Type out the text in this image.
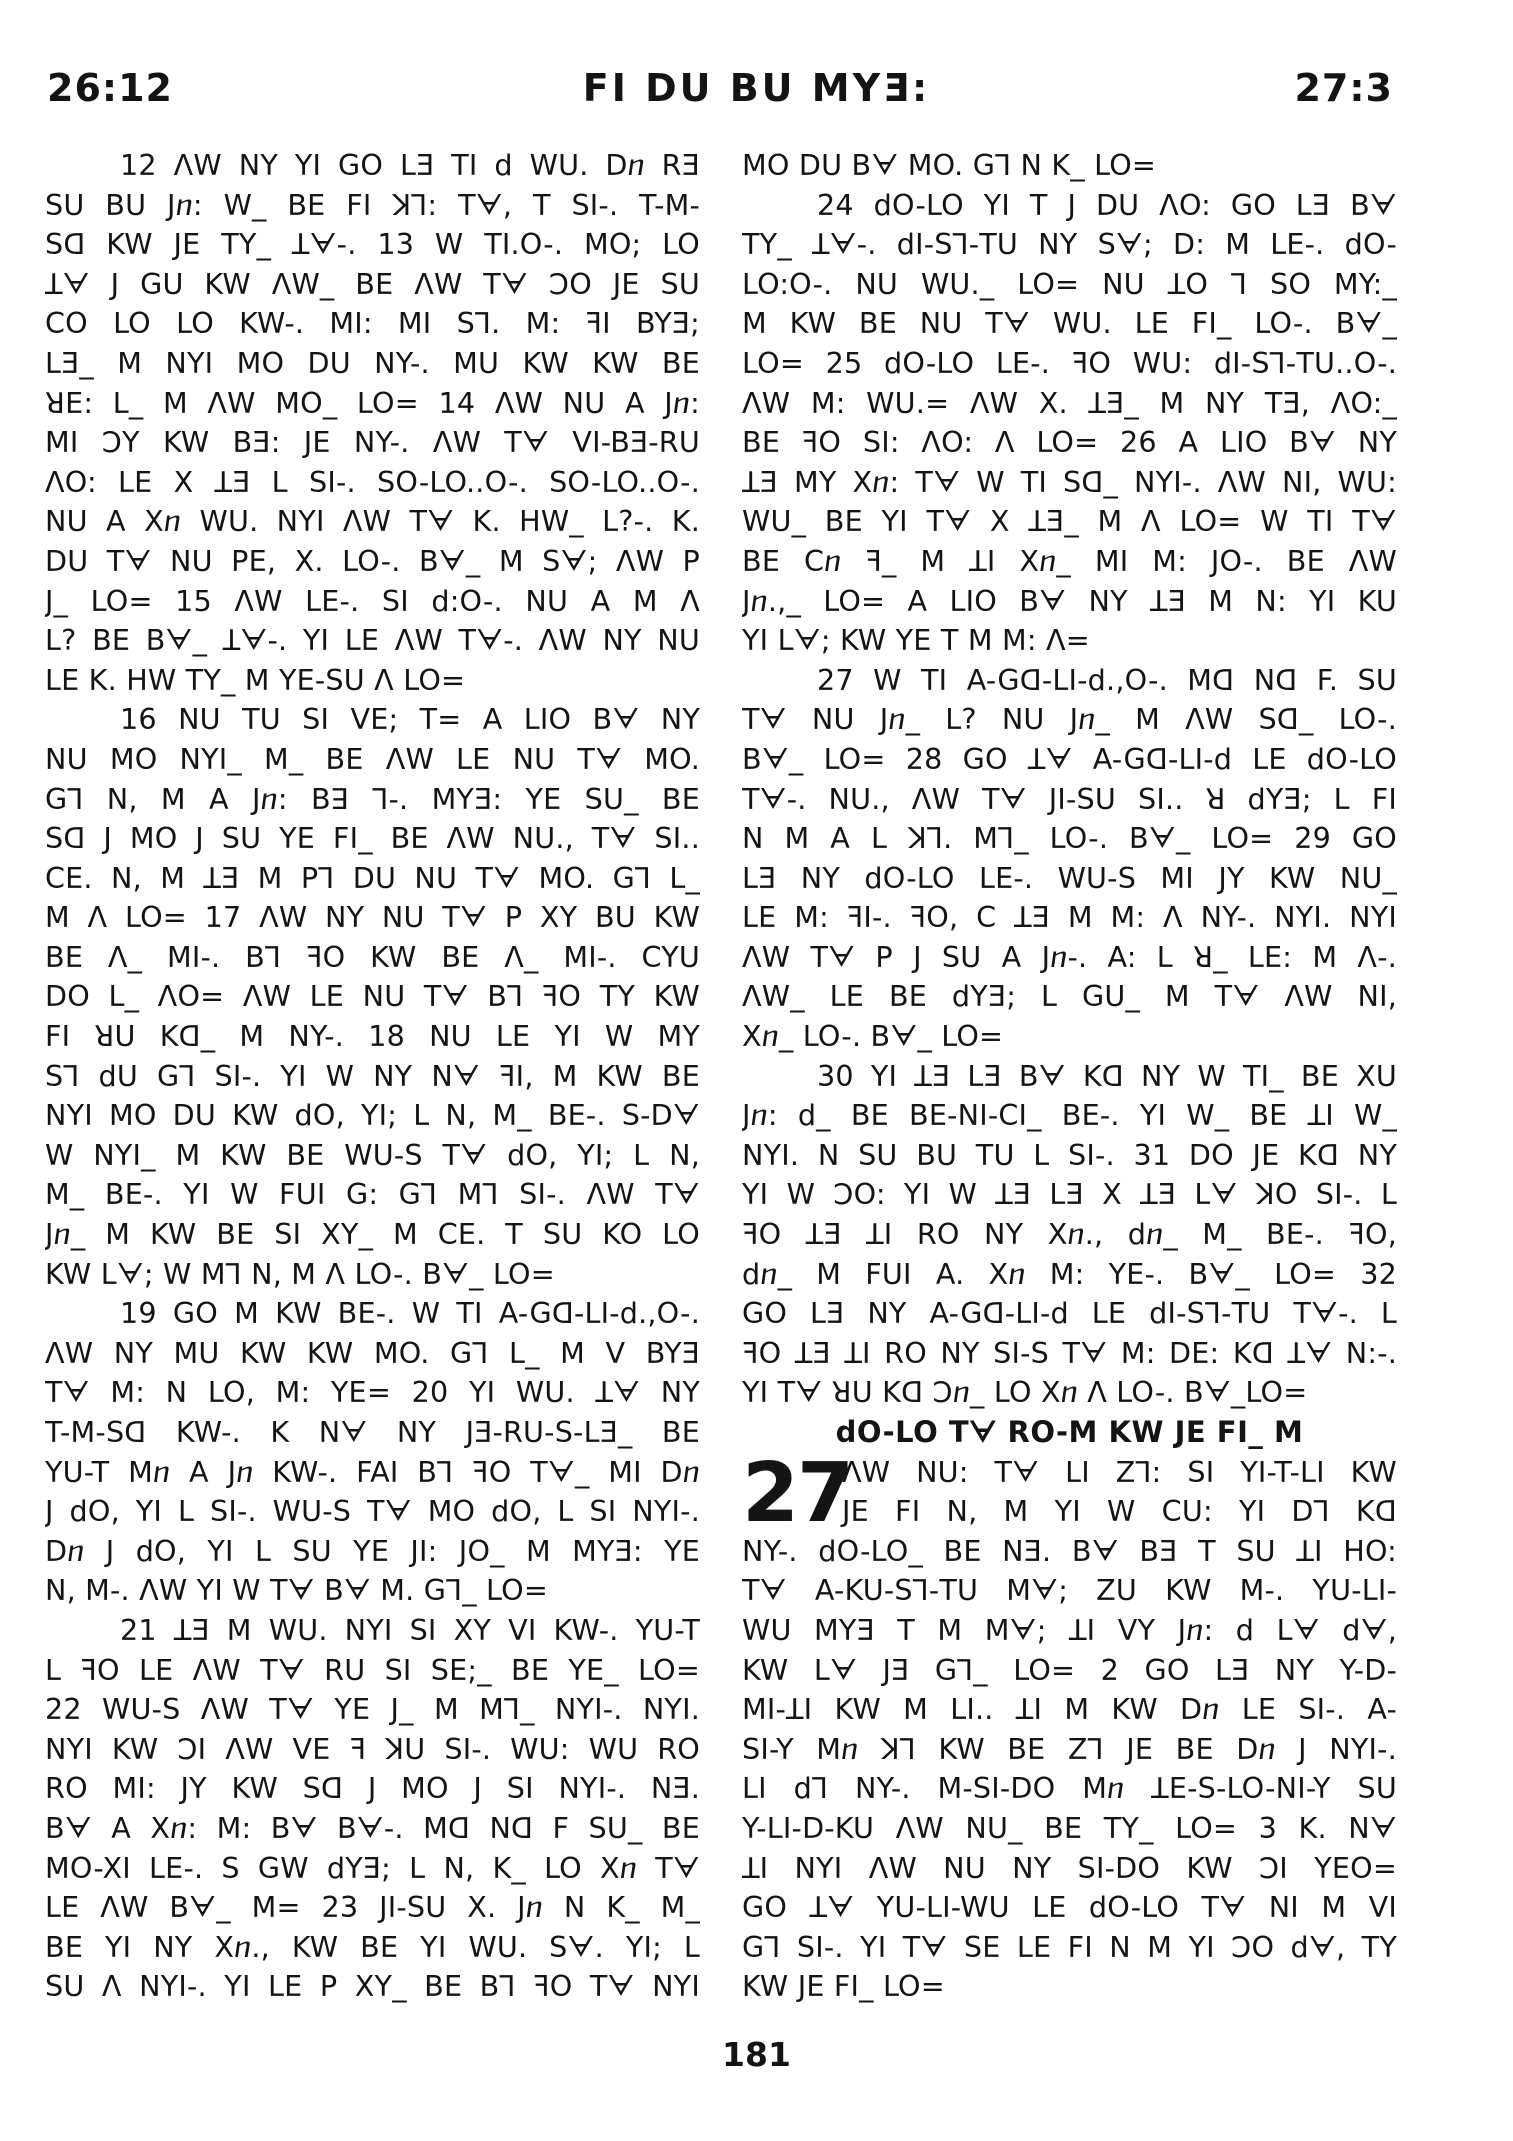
26:12	FI DU BU MYƎ:	27:3
12 ᐱW NY YI GO LƎ TI d WU. Dⴖ RƎ
SU BU Jⴖ: W_ BE FI ꓘꓶ: Tᗄ, T SI-. T-M-
Sꓷ KW JE TY_ ꓕᗄ-. 13 W TI.O-. MO; LO
ꓕᗄ J GU KW ᐱW_ BE ᐱW Tᗄ ꓛO JE SU
CO LO LO KW-. MI: MI Sꓶ. M: ꟻI BYƎ;
LƎ_ M NYI MO DU NY-. MU KW KW BE
ꓤE: L_ M ᐱW MO_ LO= 14 ᐱW NU A Jⴖ:
MI ꓛY KW BƎ: JE NY-. ᐱW Tᗄ VI-BƎ-RU
ᐱO: LE X ꓕƎ L SI-. SO-LO..O-. SO-LO..O-.
NU A Xⴖ WU. NYI ᐱW Tᗄ K. HW_ L?-. K.
DU Tᗄ NU PE, X. LO-. Bᗄ_ M Sᗄ; ᐱW P
J_ LO= 15 ᐱW LE-. SI d:O-. NU A M ᐱ
L? BE Bᗄ_ ꓕᗄ-. YI LE ᐱW Tᗄ-. ᐱW NY NU
LE K. HW TY_ M YE-SU ᐱ LO=
16 NU TU SI VE; T= A LIO Bᗄ NY
NU MO NYI_ M_ BE ᐱW LE NU Tᗄ MO.
Gꓶ N, M A Jⴖ: Bꓱ ꓶ-. MYƎ: YE SU_ BE
Sꓷ J MO J SU YE FI_ BE ᐱW NU., Tᗄ SI..
CE. N, M ꓕƎ M Pꓶ DU NU Tᗄ MO. Gꓶ L_
M ᐱ LO= 17 ᐱW NY NU Tᗄ P XY BU KW
BE ᐱ_ MI-. Bꓶ ꟻO KW BE ᐱ_ MI-. CYU
DO L_ ᐱO= ᐱW LE NU Tᗄ Bꓶ ꟻO TY KW
FI ꓤU Kꓷ_ M NY-. 18 NU LE YI W MY
Sꓶ dU Gꓶ SI-. YI W NY Nᗄ ꟻI, M KW BE
NYI MO DU KW dO, YI; L N, M_ BE-. S-Dᗄ
W NYI_ M KW BE WU-S Tᗄ dO, YI; L N,
M_ BE-. YI W FUI G: Gꓶ Mꓶ SI-. ᐱW Tᗄ
Jⴖ_ M KW BE SI XY_ M CE. T SU KO LO
KW Lᗄ; W Mꓶ N, M ᐱ LO-. Bᗄ_ LO=
19 GO M KW BE-. W TI A-Gꓷ-LI-d.,O-.
ᐱW NY MU KW KW MO. Gꓶ L_ M V BYƎ
Tᗄ M: N LO, M: YE= 20 YI WU. ꓕᗄ NY
T-M-Sꓷ KW-. K Nᗄ NY JƎ-RU-S-LƎ_ BE
YU-T Mⴖ A Jⴖ KW-. FAI Bꓶ ꟻO Tᗄ_ MI Dⴖ
J dO, YI L SI-. WU-S Tᗄ MO dO, L SI NYI-.
Dⴖ J dO, YI L SU YE JI: JO_ M MYƎ: YE
N, M-. ᐱW YI W Tᗄ Bᗄ M. Gꓶ_ LO=
21 ꓕƎ M WU. NYI SI XY VI KW-. YU-T
L ꟻO LE ᐱW Tᗄ RU SI SE;_ BE YE_ LO=
22 WU-S ᐱW Tᗄ YE J_ M Mꓶ_ NYI-. NYI.
NYI KW ꓛI ᐱW VE ꟻ ꓘU SI-. WU: WU RO
RO MI: JY KW Sꓷ J MO J SI NYI-. NƎ.
Bᗄ A Xⴖ: M: Bᗄ Bᗄ-. Mꓷ Nꓷ F SU_ BE
MO-XI LE-. S GW dYƎ; L N, K_ LO Xⴖ Tᗄ
LE ᐱW Bᗄ_ M= 23 JI-SU X. Jⴖ N K_ M_
BE YI NY Xⴖ., KW BE YI WU. Sᗄ. YI; L
SU ᐱ NYI-. YI LE P XY_ BE Bꓶ ꟻO Tᗄ NYI
MO DU Bᗄ MO. Gꓶ N K_ LO=
24 dO-LO YI T J DU ᐱO: GO LƎ Bᗄ
TY_ ꓕᗄ-. dI-Sꓶ-TU NY Sᗄ; D: M LE-. dO-
LO:O-. NU WU._ LO= NU ꓕO ꓶ SO MY:_
M KW BE NU Tᗄ WU. LE FI_ LO-. Bᗄ_
LO= 25 dO-LO LE-. ꟻO WU: dI-Sꓶ-TU..O-.
ᐱW M: WU.= ᐱW X. ꓕƎ_ M NY TƎ, ᐱO:_
BE ꟻO SI: ᐱO: ᐱ LO= 26 A LIO Bᗄ NY
ꓕƎ MY Xⴖ: Tᗄ W TI Sꓷ_ NYI-. ᐱW NI, WU:
WU_ BE YI Tᗄ X ꓕƎ_ M ᐱ LO= W TI Tᗄ
BE Cⴖ ꟻ_ M ꓕI Xⴖ_ MI M: JO-. BE ᐱW
Jⴖ.,_ LO= A LIO Bᗄ NY ꓕƎ M N: YI KU
YI Lᗄ; KW YE T M M: ᐱ=
27 W TI A-Gꓷ-LI-d.,O-. Mꓷ Nꓷ F. SU
Tᗄ NU Jⴖ_ L? NU Jⴖ_ M ᐱW Sꓷ_ LO-.
Bᗄ_ LO= 28 GO ꓕᗄ A-Gꓷ-LI-d LE dO-LO
Tᗄ-. NU., ᐱW Tᗄ JI-SU SI.. ꓤ dYƎ; L FI
N M A L ꓘꓶ. Mꓶ_ LO-. Bᗄ_ LO= 29 GO
LƎ NY dO-LO LE-. WU-S MI JY KW NU_
LE M: ꟻI-. ꟻO, C ꓕƎ M M: ᐱ NY-. NYI. NYI
ᐱW Tᗄ P J SU A Jⴖ-. A: L ꓤ_ LE: M ᐱ-.
ᐱW_ LE BE dYƎ; L GU_ M Tᗄ ᐱW NI,
Xⴖ_ LO-. Bᗄ_ LO=
30 YI ꓕƎ LƎ Bᗄ Kꓷ NY W TI_ BE XU
Jⴖ: d_ BE BE-NI-CI_ BE-. YI W_ BE ꓕI W_
NYI. N SU BU TU L SI-. 31 DO JE Kꓷ NY
YI W ꓛO: YI W ꓕƎ LƎ X ꓕƎ Lᗄ ꓘO SI-. L
ꟻO ꓕƎ ꓕI RO NY Xⴖ., dⴖ_ M_ BE-. ꟻO,
dⴖ_ M FUI A. Xⴖ M: YE-. Bᗄ_ LO= 32
GO LƎ NY A-Gꓷ-LI-d LE dI-Sꓶ-TU Tᗄ-. L
ꟻO ꓕƎ ꓕI RO NY SI-S Tᗄ M: DE: Kꓷ ꓕᗄ N:-.
YI Tᗄ ꓤU Kꓷ ꓛⴖ_ LO Xⴖ ᐱ LO-. Bᗄ_LO=
dO-LO Tᗄ RO-M KW JE FI_ M
ᐱW NU: Tᗄ LI Zꓶ: SI YI-T-LI KW
JE FI N, M YI W CU: YI Dꓶ Kꓷ
NY-. dO-LO_ BE NƎ. Bᗄ BƎ T SU ꓕI HO:
Tᗄ A-KU-Sꓶ-TU Mᗄ; ZU KW M-. YU-LI-
WU MYƎ T M Mᗄ; ꓕI VY Jⴖ: d Lᗄ dᗄ,
KW Lᗄ JƎ Gꓶ_ LO= 2 GO LƎ NY Y-D-
MI-ꓕI KW M LI.. ꓕI M KW Dⴖ LE SI-. A-
SI-Y Mⴖ ꓘꓶ KW BE Zꓶ JE BE Dⴖ J NYI-.
LI dꓶ NY-. M-SI-DO Mⴖ ꓕE-S-LO-NI-Y SU
Y-LI-D-KU ᐱW NU_ BE TY_ LO= 3 K. Nᗄ
ꓕI NYI ᐱW NU NY SI-DO KW ꓛI YEO=
GO ꓕᗄ YU-LI-WU LE dO-LO Tᗄ NI M VI
Gꓶ SI-. YI Tᗄ SE LE FI N M YI ꓛO dᗄ, TY
KW JE FI_ LO=
27
181
